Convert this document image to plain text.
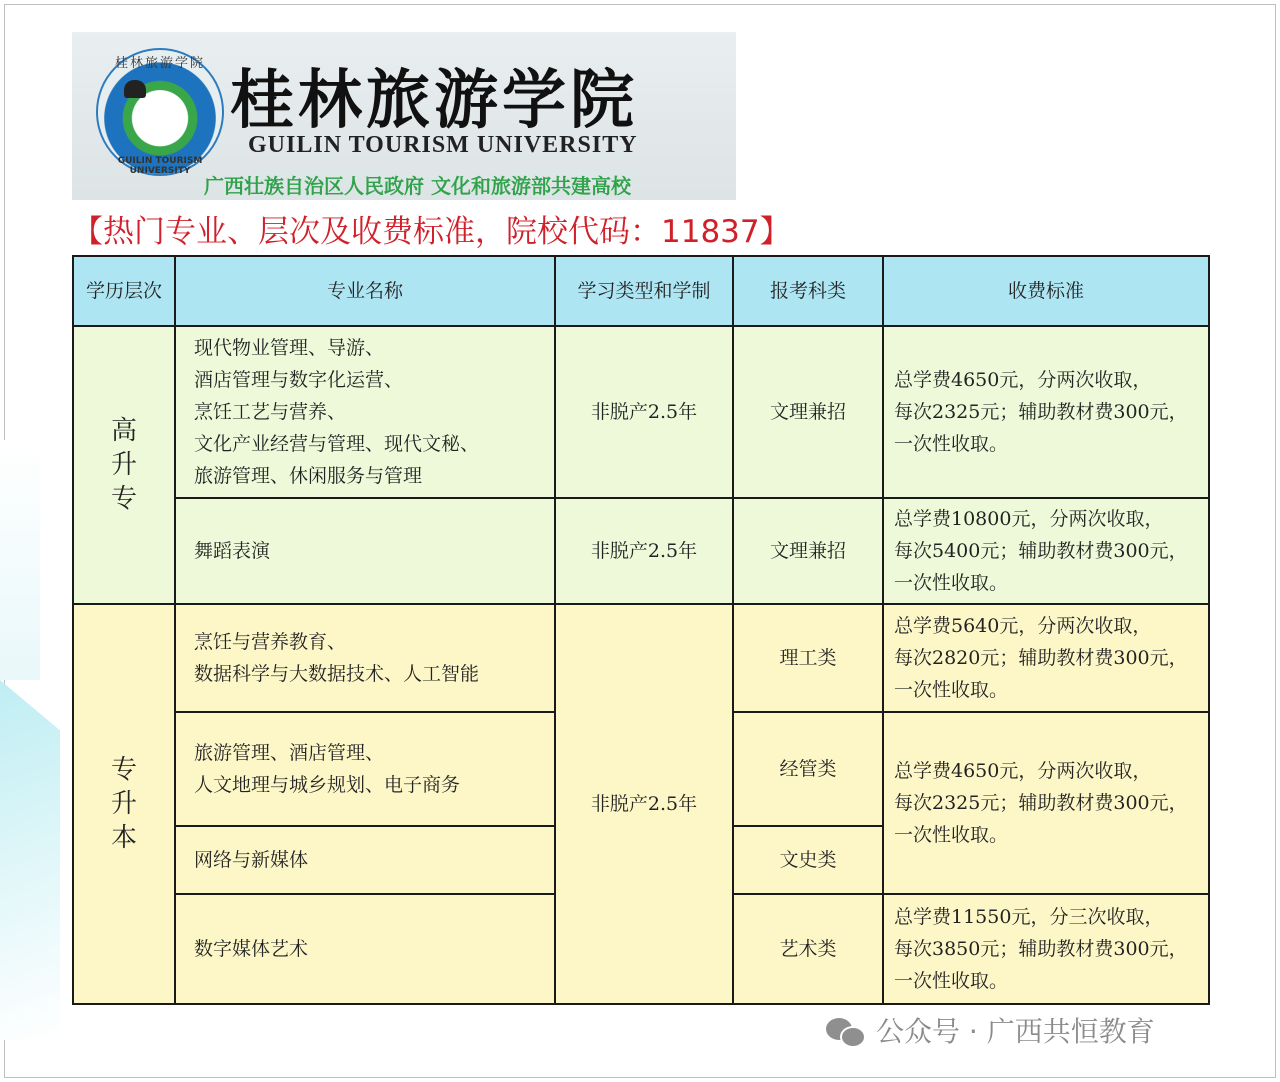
桂林旅游学院
GUILIN TOURISM UNIVERSITY
桂林旅游学院
GUILIN TOURISM UNIVERSITY
广西壮族自治区人民政府 文化和旅游部共建高校
【热门专业、层次及收费标准，院校代码：11837】
学历层次	专业名称	学习类型和学制	报考科类	收费标准

高
升
专	现代物业管理、导游、
酒店管理与数字化运营、
烹饪工艺与营养、
文化产业经营与管理、现代文秘、
旅游管理、休闲服务与管理	非脱产2.5年	文理兼招	总学费4650元，分两次收取，
每次2325元；辅助教材费300元，
一次性收取。

	舞蹈表演	非脱产2.5年	文理兼招	总学费10800元，分两次收取，
每次5400元；辅助教材费300元，
一次性收取。

专
升
本	烹饪与营养教育、
数据科学与大数据技术、人工智能	非脱产2.5年	理工类	总学费5640元，分两次收取，
每次2820元；辅助教材费300元，
一次性收取。

	旅游管理、酒店管理、
人文地理与城乡规划、电子商务		经管类	总学费4650元，分两次收取，
每次2325元；辅助教材费300元，
一次性收取。

	网络与新媒体		文史类	

	数字媒体艺术		艺术类	总学费11550元，分三次收取，
每次3850元；辅助教材费300元，
一次性收取。
公众号 · 广西共恒教育
